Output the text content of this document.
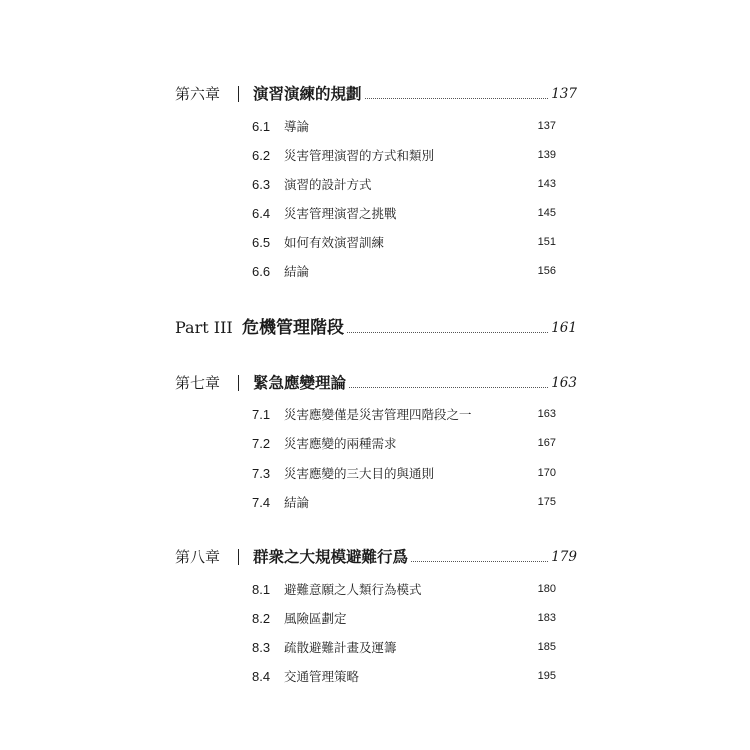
第六章	演習演練的規劃	137
6.1	導論	137
6.2	災害管理演習的方式和類別	139
6.3	演習的設計方式	143
6.4	災害管理演習之挑戰	145
6.5	如何有效演習訓練	151
6.6	結論	156
Part III 危機管理階段	161
第七章	緊急應變理論	163
7.1	災害應變僅是災害管理四階段之一	163
7.2	災害應變的兩種需求	167
7.3	災害應變的三大目的與通則	170
7.4	結論	175
第八章	群衆之大規模避難行爲	179
8.1	避難意願之人類行為模式	180
8.2	風險區劃定	183
8.3	疏散避難計畫及運籌	185
8.4	交通管理策略	195
